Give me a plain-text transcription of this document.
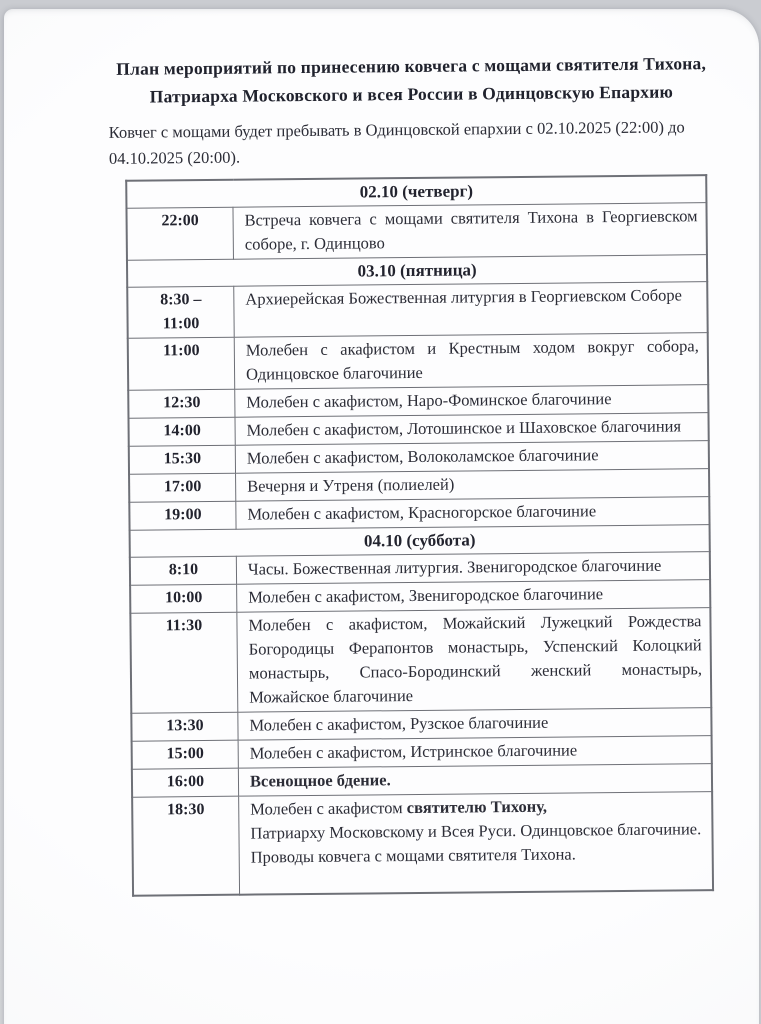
План мероприятий по принесению ковчега с мощами святителя Тихона, Патриарха Московского и всея России в Одинцовскую Епархию
Ковчег с мощами будет пребывать в Одинцовской епархии с 02.10.2025 (22:00) до 04.10.2025 (20:00).
02.10 (четверг)	
22:00	Встреча ковчега с мощами святителя Тихона в Георгиевском соборе, г. Одинцово

03.10 (пятница)	
8:30 –
11:00	Архиерейская Божественная литургия в Георгиевском Соборе

11:00	Молебен с акафистом и Крестным ходом вокруг собора, Одинцовское благочиние

12:30	Молебен с акафистом, Наро-Фоминское благочиние

14:00	Молебен с акафистом, Лотошинское и Шаховское благочиния

15:30	Молебен с акафистом, Волоколамское благочиние

17:00	Вечерня и Утреня (полиелей)

19:00	Молебен с акафистом, Красногорское благочиние

04.10 (суббота)	
8:10	Часы. Божественная литургия. Звенигородское благочиние

10:00	Молебен с акафистом, Звенигородское благочиние

11:30	Молебен с акафистом, Можайский Лужецкий Рождества Богородицы Ферапонтов монастырь, Успенский Колоцкий монастырь, Спасо-Бородинский женский монастырь, Можайское благочиние

13:30	Молебен с акафистом, Рузское благочиние

15:00	Молебен с акафистом, Истринское благочиние

16:00	Всенощное бдение.

18:30	Молебен с акафистом святителю Тихону,
Патриарху Московскому и Всея Руси. Одинцовское благочиние.
Проводы ковчега с мощами святителя Тихона.
